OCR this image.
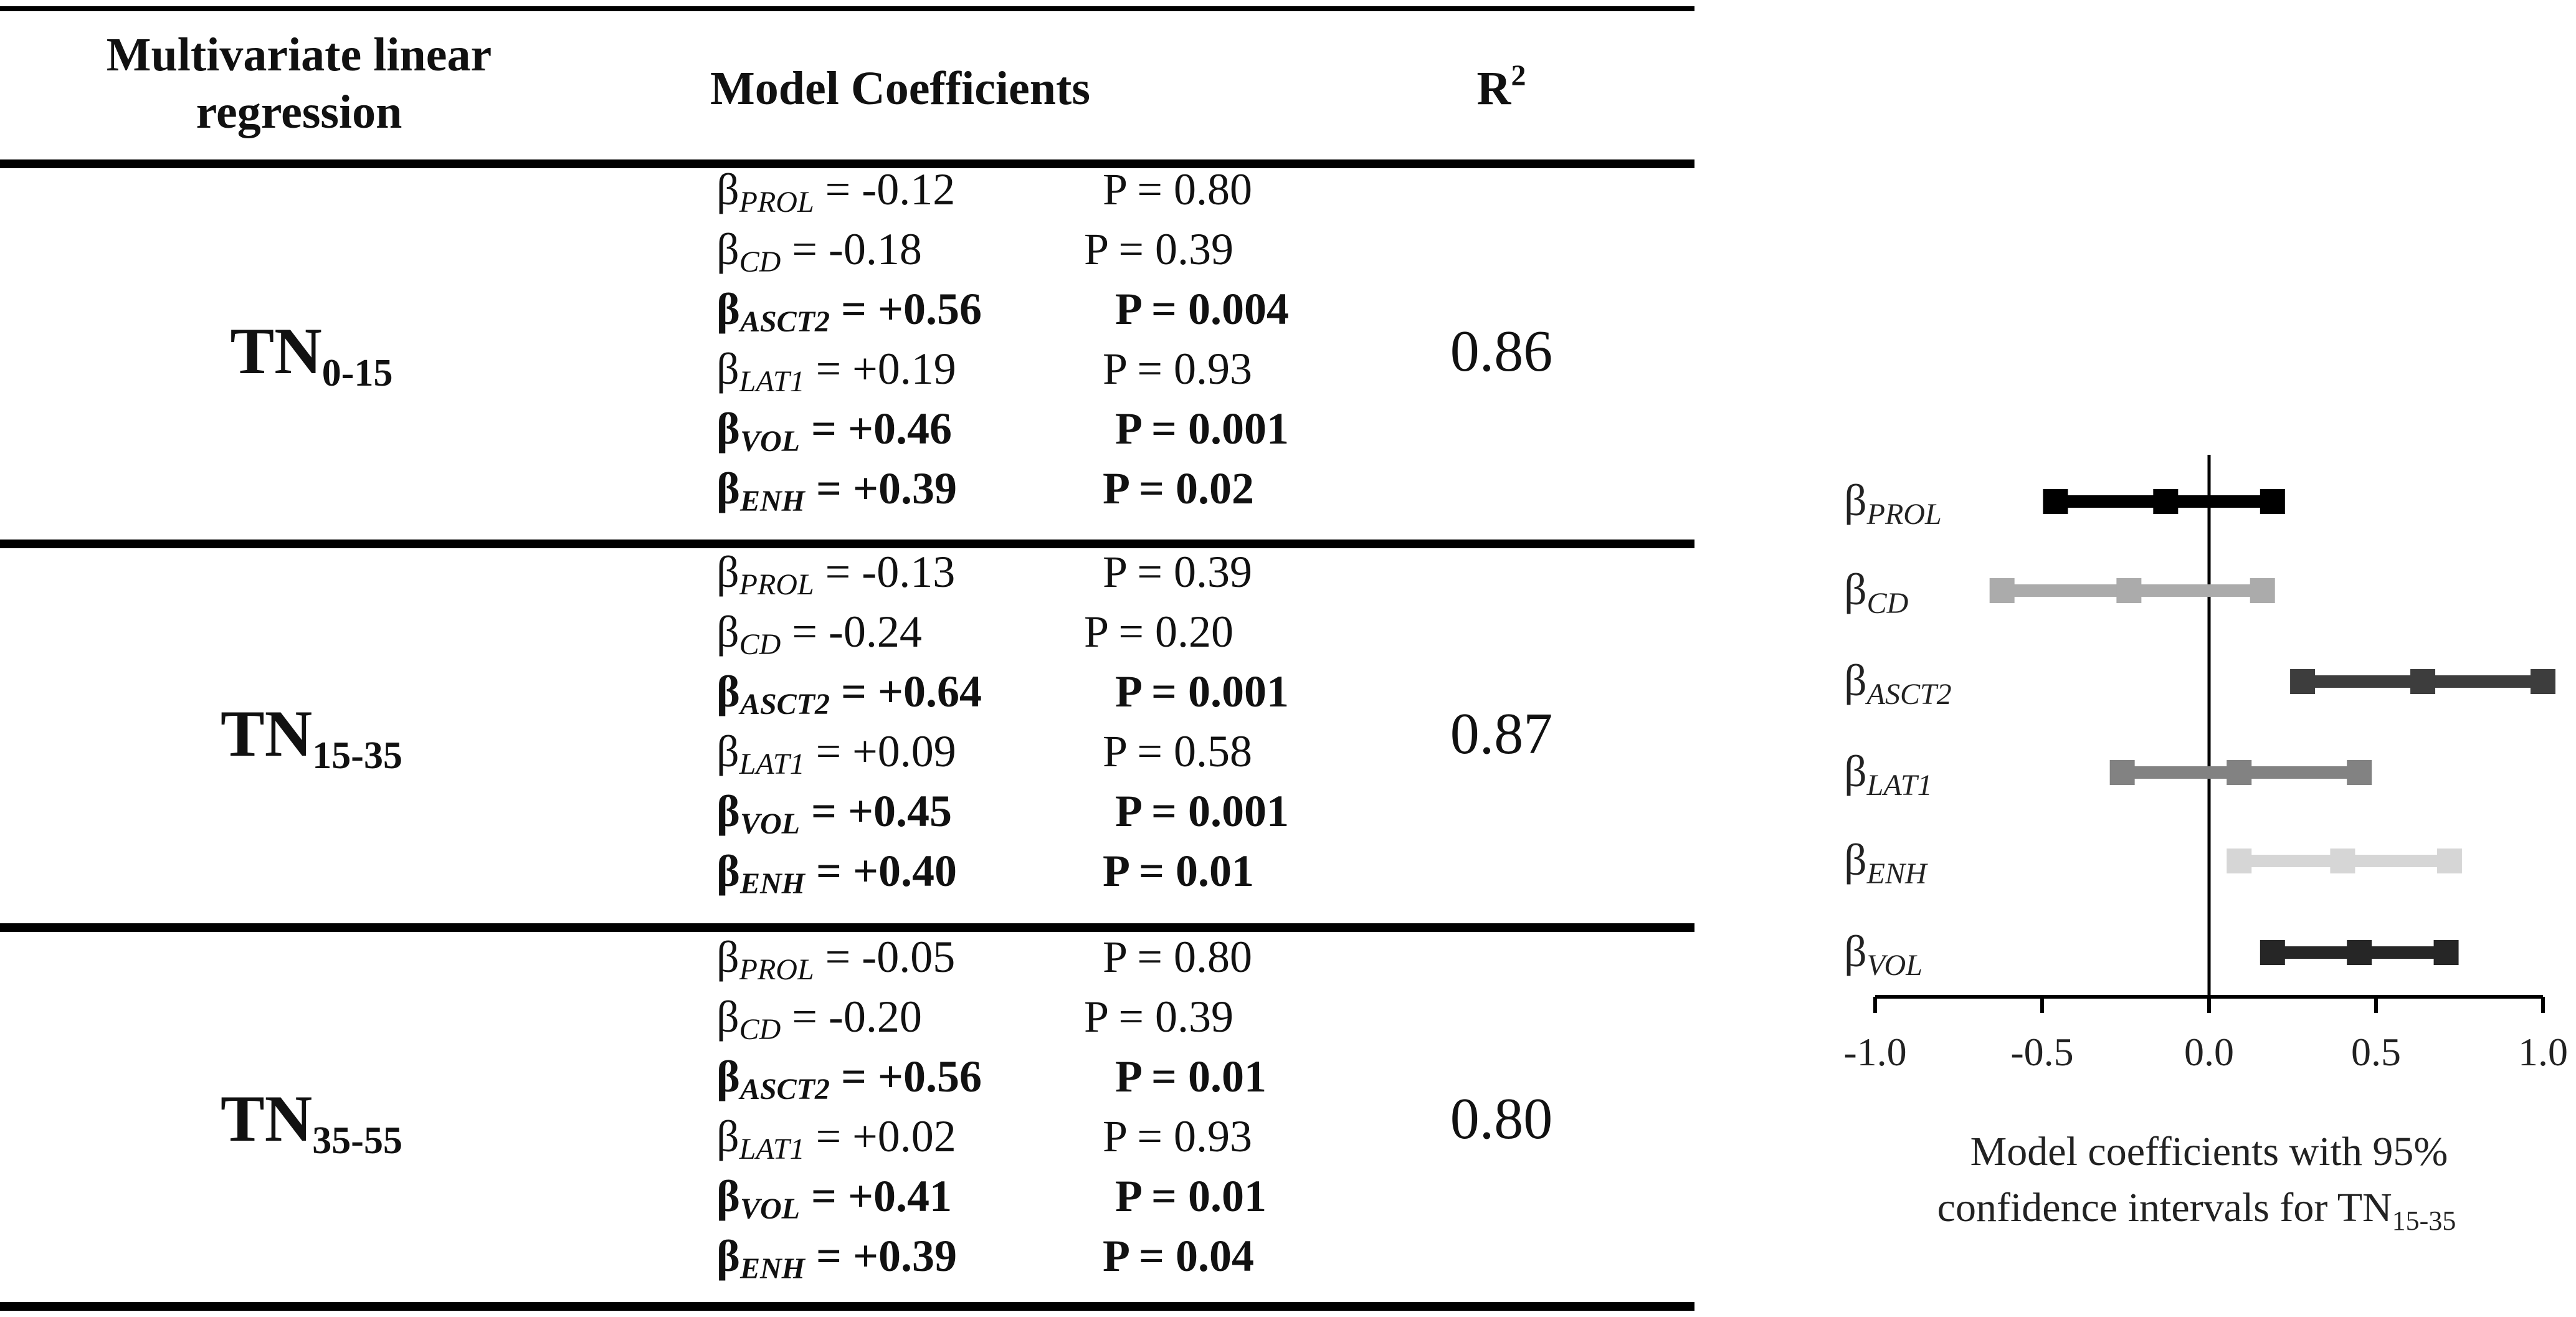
Multivariate linear
regression	Model Coefficients	$R^2$
$TN_{0-15}$	0.86
$\beta_{PROL} = -0.12$	P = 0.80
$\beta_{CD} = -0.18$	P = 0.39
$\beta_{ASCT2} = +0.56$	P = 0.004
$\beta_{LAT1} = +0.19$	P = 0.93
$\beta_{VOL} = +0.46$	P = 0.001
$\beta_{ENH} = +0.39$	P = 0.02
$TN_{15-35}$	0.87
$\beta_{PROL} = -0.13$	P = 0.39
$\beta_{CD} = -0.24$	P = 0.20
$\beta_{ASCT2} = +0.64$	P = 0.001
$\beta_{LAT1} = +0.09$	P = 0.58
$\beta_{VOL} = +0.45$	P = 0.001
$\beta_{ENH} = +0.40$	P = 0.01
$TN_{35-55}$	0.80
$\beta_{PROL} = -0.05$	P = 0.80
$\beta_{CD} = -0.20$	P = 0.39
$\beta_{ASCT2} = +0.56$	P = 0.01
$\beta_{LAT1} = +0.02$	P = 0.93
$\beta_{VOL} = +0.41$	P = 0.01
$\beta_{ENH} = +0.39$	P = 0.04
-1.0	-0.5	0.0	0.5	1.0
βPROL
βCD
βASCT2
βLAT1
βENH
βVOL
Model coefficients with 95%
confidence intervals for $TN_{15-35}$
